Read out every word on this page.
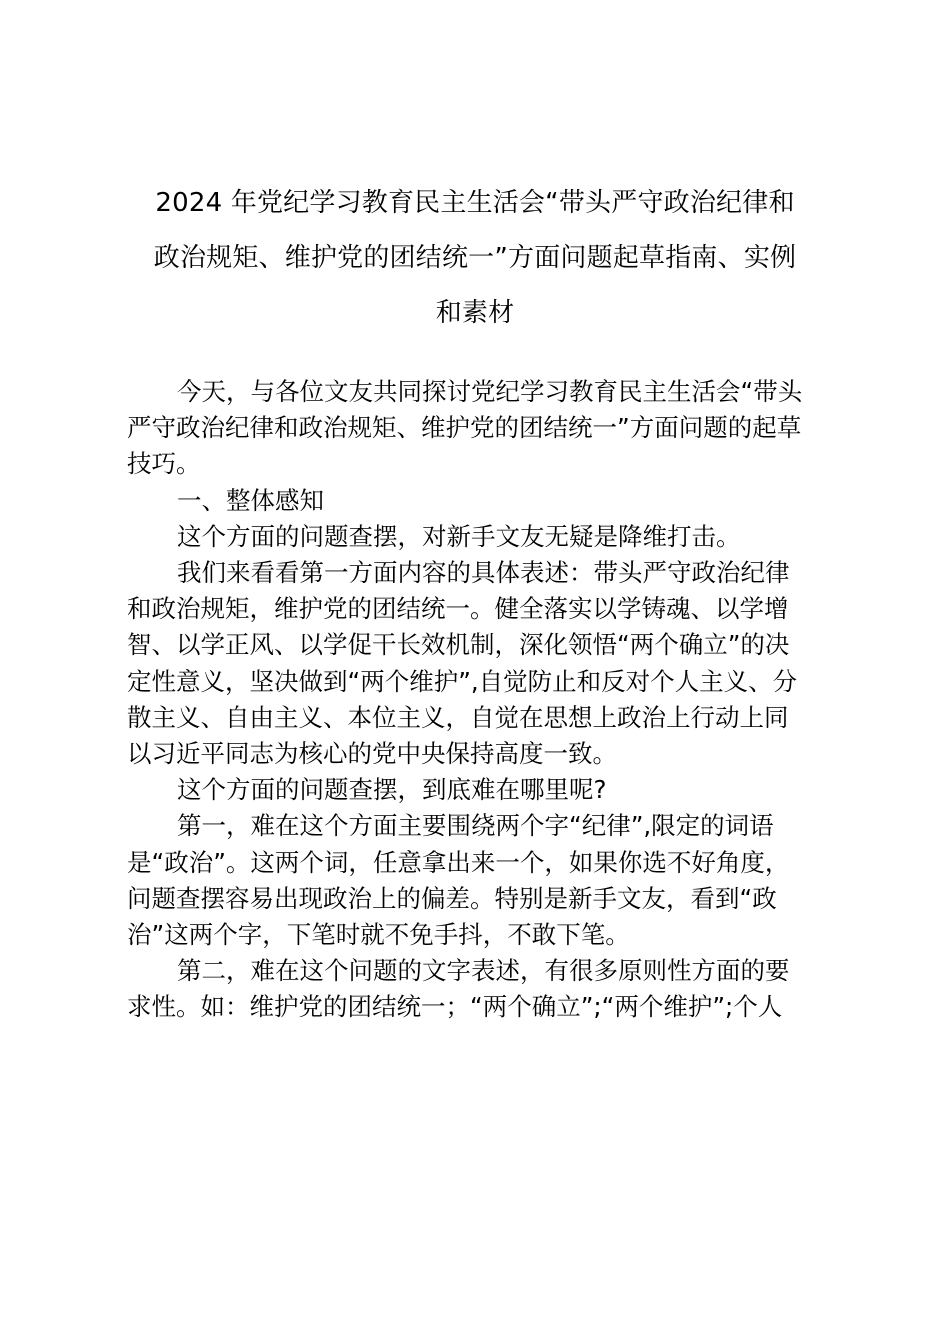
2024 年党纪学习教育民主生活会“带头严守政治纪律和
政治规矩、维护党的团结统一”方面问题起草指南、实例
和素材
今天，与各位文友共同探讨党纪学习教育民主生活会“带头
严守政治纪律和政治规矩、维护党的团结统一”方面问题的起草
技巧。
一、整体感知
这个方面的问题查摆，对新手文友无疑是降维打击。
我们来看看第一方面内容的具体表述：带头严守政治纪律
和政治规矩，维护党的团结统一。健全落实以学铸魂、以学增
智、以学正风、以学促干长效机制，深化领悟“两个确立”的决
定性意义，坚决做到“两个维护”,自觉防止和反对个人主义、分
散主义、自由主义、本位主义，自觉在思想上政治上行动上同
以习近平同志为核心的党中央保持高度一致。
这个方面的问题查摆，到底难在哪里呢?
第一，难在这个方面主要围绕两个字“纪律”,限定的词语
是“政治”。这两个词，任意拿出来一个，如果你选不好角度，
问题查摆容易出现政治上的偏差。特别是新手文友，看到“政
治”这两个字，下笔时就不免手抖，不敢下笔。
第二，难在这个问题的文字表述，有很多原则性方面的要
求性。如：维护党的团结统一；“两个确立”;“两个维护”;个人
